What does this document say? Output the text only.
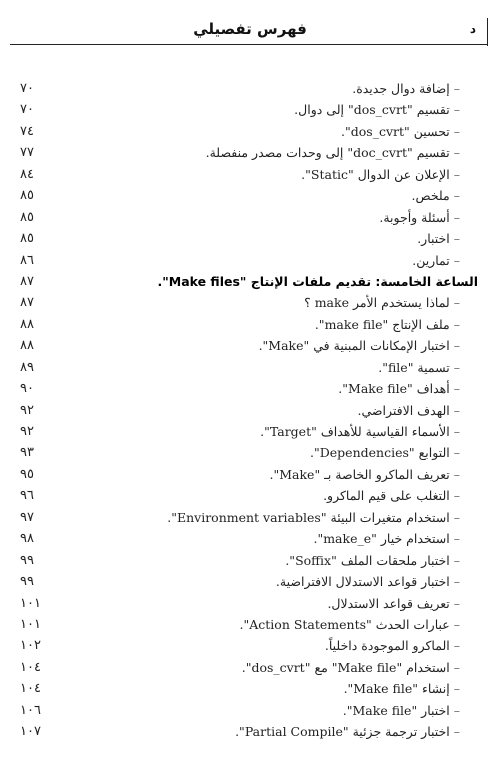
فهرس تفصيلي	د
–إضافة دوال جديدة.
٧٠
–تقسيم "dos_cvrt" إلى دوال.
٧٠
–تحسين "dos_cvrt".
٧٤
–تقسيم "doc_cvrt" إلى وحدات مصدر منفصلة.
٧٧
–الإعلان عن الدوال "Static".
٨٤
–ملخص.
٨٥
–أسئلة وأجوبة.
٨٥
–اختبار.
٨٥
–تمارين.
٨٦
الساعة الخامسة: تقديم ملفات الإنتاج "Make files".
٨٧
–لماذا يستخدم الأمر make ؟
٨٧
–ملف الإنتاج "make file".
٨٨
–اختبار الإمكانات المبنية في "Make".
٨٨
–تسمية "file".
٨٩
–أهداف "Make file".
٩٠
–الهدف الافتراضي.
٩٢
–الأسماء القياسية للأهداف "Target".
٩٢
–التوابع "Dependencies".
٩٣
–تعريف الماكرو الخاصة بـ "Make".
٩٥
–التغلب على قيم الماكرو.
٩٦
–استخدام متغيرات البيئة "Environment variables".
٩٧
–استخدام خيار "make_e".
٩٨
–اختبار ملحقات الملف "Soffix".
٩٩
–اختبار قواعد الاستدلال الافتراضية.
٩٩
–تعريف قواعد الاستدلال.
١٠١
–عبارات الحدث "Action Statements".
١٠١
–الماكرو الموجودة داخلياً.
١٠٢
–استخدام "Make file" مع "dos_cvrt".
١٠٤
–إنشاء "Make file".
١٠٤
–اختبار "Make file".
١٠٦
–اختبار ترجمة جزئية "Partial Compile".
١٠٧
